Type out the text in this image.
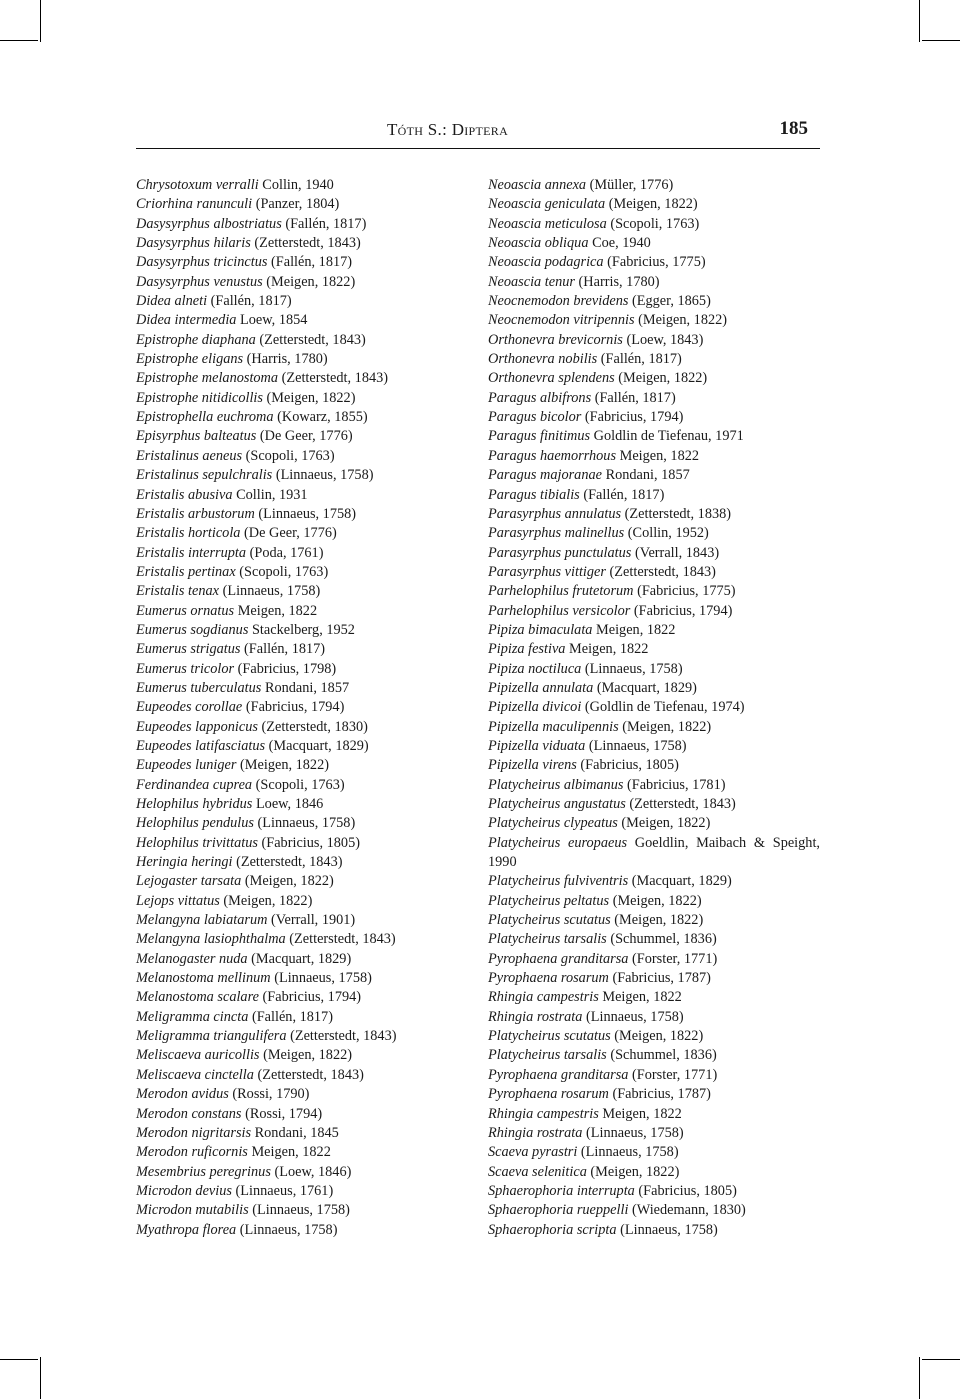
Tóth S.: Diptera	185
Chrysotoxum verralli Collin, 1940
Criorhina ranunculi (Panzer, 1804)
Dasysyrphus albostriatus (Fallén, 1817)
Dasysyrphus hilaris (Zetterstedt, 1843)
Dasysyrphus tricinctus (Fallén, 1817)
Dasysyrphus venustus (Meigen, 1822)
Didea alneti (Fallén, 1817)
Didea intermedia Loew, 1854
Epistrophe diaphana (Zetterstedt, 1843)
Epistrophe eligans (Harris, 1780)
Epistrophe melanostoma (Zetterstedt, 1843)
Epistrophe nitidicollis (Meigen, 1822)
Epistrophella euchroma (Kowarz, 1855)
Episyrphus balteatus (De Geer, 1776)
Eristalinus aeneus (Scopoli, 1763)
Eristalinus sepulchralis (Linnaeus, 1758)
Eristalis abusiva Collin, 1931
Eristalis arbustorum (Linnaeus, 1758)
Eristalis horticola (De Geer, 1776)
Eristalis interrupta (Poda, 1761)
Eristalis pertinax (Scopoli, 1763)
Eristalis tenax (Linnaeus, 1758)
Eumerus ornatus Meigen, 1822
Eumerus sogdianus Stackelberg, 1952
Eumerus strigatus (Fallén, 1817)
Eumerus tricolor (Fabricius, 1798)
Eumerus tuberculatus Rondani, 1857
Eupeodes corollae (Fabricius, 1794)
Eupeodes lapponicus (Zetterstedt, 1830)
Eupeodes latifasciatus (Macquart, 1829)
Eupeodes luniger (Meigen, 1822)
Ferdinandea cuprea (Scopoli, 1763)
Helophilus hybridus Loew, 1846
Helophilus pendulus (Linnaeus, 1758)
Helophilus trivittatus (Fabricius, 1805)
Heringia heringi (Zetterstedt, 1843)
Lejogaster tarsata (Meigen, 1822)
Lejops vittatus (Meigen, 1822)
Melangyna labiatarum (Verrall, 1901)
Melangyna lasiophthalma (Zetterstedt, 1843)
Melanogaster nuda (Macquart, 1829)
Melanostoma mellinum (Linnaeus, 1758)
Melanostoma scalare (Fabricius, 1794)
Meligramma cincta (Fallén, 1817)
Meligramma triangulifera (Zetterstedt, 1843)
Meliscaeva auricollis (Meigen, 1822)
Meliscaeva cinctella (Zetterstedt, 1843)
Merodon avidus (Rossi, 1790)
Merodon constans (Rossi, 1794)
Merodon nigritarsis Rondani, 1845
Merodon ruficornis Meigen, 1822
Mesembrius peregrinus (Loew, 1846)
Microdon devius (Linnaeus, 1761)
Microdon mutabilis (Linnaeus, 1758)
Myathropa florea (Linnaeus, 1758)
Neoascia annexa (Müller, 1776)
Neoascia geniculata (Meigen, 1822)
Neoascia meticulosa (Scopoli, 1763)
Neoascia obliqua Coe, 1940
Neoascia podagrica (Fabricius, 1775)
Neoascia tenur (Harris, 1780)
Neocnemodon brevidens (Egger, 1865)
Neocnemodon vitripennis (Meigen, 1822)
Orthonevra brevicornis (Loew, 1843)
Orthonevra nobilis (Fallén, 1817)
Orthonevra splendens (Meigen, 1822)
Paragus albifrons (Fallén, 1817)
Paragus bicolor (Fabricius, 1794)
Paragus finitimus Goldlin de Tiefenau, 1971
Paragus haemorrhous Meigen, 1822
Paragus majoranae Rondani, 1857
Paragus tibialis (Fallén, 1817)
Parasyrphus annulatus (Zetterstedt, 1838)
Parasyrphus malinellus (Collin, 1952)
Parasyrphus punctulatus (Verrall, 1843)
Parasyrphus vittiger (Zetterstedt, 1843)
Parhelophilus frutetorum (Fabricius, 1775)
Parhelophilus versicolor (Fabricius, 1794)
Pipiza bimaculata Meigen, 1822
Pipiza festiva Meigen, 1822
Pipiza noctiluca (Linnaeus, 1758)
Pipizella annulata (Macquart, 1829)
Pipizella divicoi (Goldlin de Tiefenau, 1974)
Pipizella maculipennis (Meigen, 1822)
Pipizella viduata (Linnaeus, 1758)
Pipizella virens (Fabricius, 1805)
Platycheirus albimanus (Fabricius, 1781)
Platycheirus angustatus (Zetterstedt, 1843)
Platycheirus clypeatus (Meigen, 1822)
Platycheirus europaeus Goeldlin, Maibach & Speight, 1990
Platycheirus fulviventris (Macquart, 1829)
Platycheirus peltatus (Meigen, 1822)
Platycheirus scutatus (Meigen, 1822)
Platycheirus tarsalis (Schummel, 1836)
Pyrophaena granditarsa (Forster, 1771)
Pyrophaena rosarum (Fabricius, 1787)
Rhingia campestris Meigen, 1822
Rhingia rostrata (Linnaeus, 1758)
Platycheirus scutatus (Meigen, 1822)
Platycheirus tarsalis (Schummel, 1836)
Pyrophaena granditarsa (Forster, 1771)
Pyrophaena rosarum (Fabricius, 1787)
Rhingia campestris Meigen, 1822
Rhingia rostrata (Linnaeus, 1758)
Scaeva pyrastri (Linnaeus, 1758)
Scaeva selenitica (Meigen, 1822)
Sphaerophoria interrupta (Fabricius, 1805)
Sphaerophoria rueppelli (Wiedemann, 1830)
Sphaerophoria scripta (Linnaeus, 1758)
